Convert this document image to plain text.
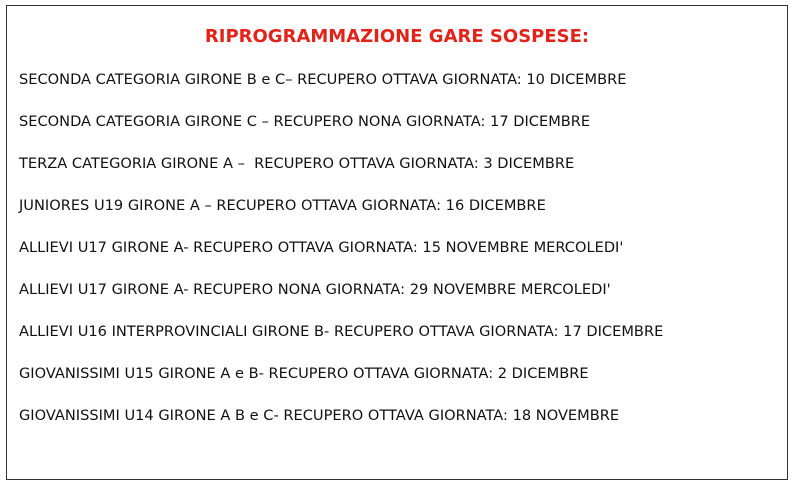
RIPROGRAMMAZIONE GARE SOSPESE:
SECONDA CATEGORIA GIRONE B e C– RECUPERO OTTAVA GIORNATA: 10 DICEMBRE
SECONDA CATEGORIA GIRONE C – RECUPERO NONA GIORNATA: 17 DICEMBRE
TERZA CATEGORIA GIRONE A –  RECUPERO OTTAVA GIORNATA: 3 DICEMBRE
JUNIORES U19 GIRONE A – RECUPERO OTTAVA GIORNATA: 16 DICEMBRE
ALLIEVI U17 GIRONE A- RECUPERO OTTAVA GIORNATA: 15 NOVEMBRE MERCOLEDI'
ALLIEVI U17 GIRONE A- RECUPERO NONA GIORNATA: 29 NOVEMBRE MERCOLEDI'
ALLIEVI U16 INTERPROVINCIALI GIRONE B- RECUPERO OTTAVA GIORNATA: 17 DICEMBRE
GIOVANISSIMI U15 GIRONE A e B- RECUPERO OTTAVA GIORNATA: 2 DICEMBRE
GIOVANISSIMI U14 GIRONE A B e C- RECUPERO OTTAVA GIORNATA: 18 NOVEMBRE
